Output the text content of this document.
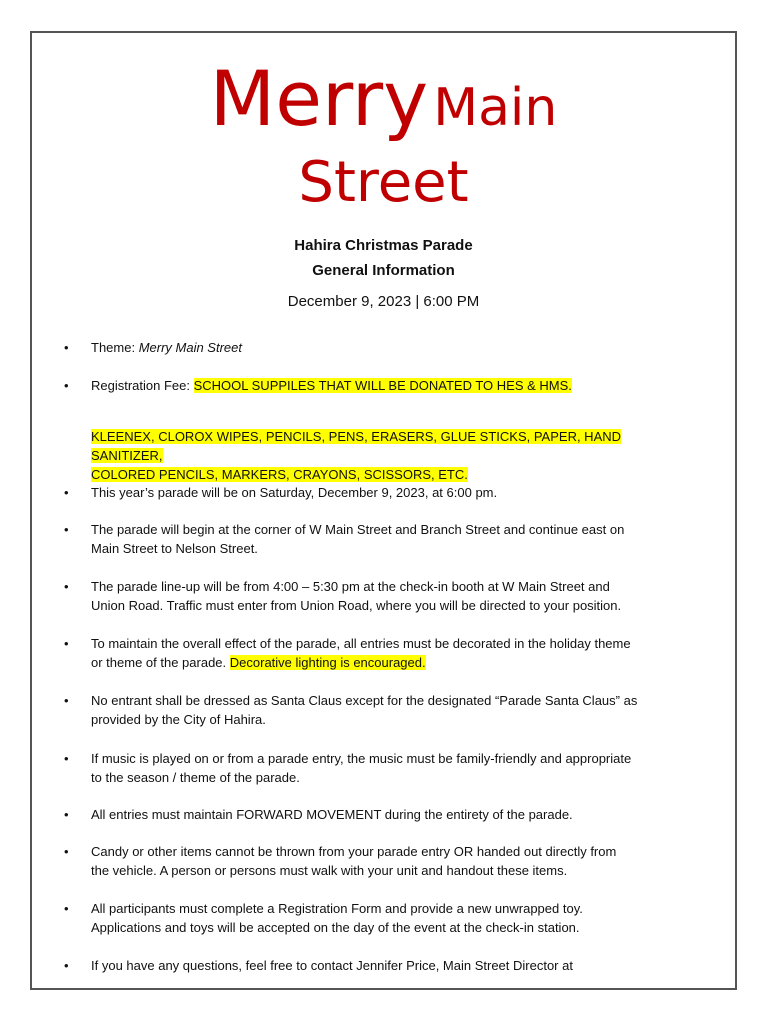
Merry Main
Street
Hahira Christmas Parade
General Information
December 9, 2023 | 6:00 PM
• Theme: Merry Main Street
• Registration Fee: SCHOOL SUPPILES THAT WILL BE DONATED TO HES & HMS.
KLEENEX, CLOROX WIPES, PENCILS, PENS, ERASERS, GLUE STICKS, PAPER, HAND SANITIZER,
COLORED PENCILS, MARKERS, CRAYONS, SCISSORS, ETC.
• This year’s parade will be on Saturday, December 9, 2023, at 6:00 pm.
• The parade will begin at the corner of W Main Street and Branch Street and continue east on
Main Street to Nelson Street.
• The parade line-up will be from 4:00 – 5:30 pm at the check-in booth at W Main Street and
Union Road. Traffic must enter from Union Road, where you will be directed to your position.
• To maintain the overall effect of the parade, all entries must be decorated in the holiday theme
or theme of the parade. Decorative lighting is encouraged.
• No entrant shall be dressed as Santa Claus except for the designated “Parade Santa Claus” as
provided by the City of Hahira.
• If music is played on or from a parade entry, the music must be family-friendly and appropriate
to the season / theme of the parade.
• All entries must maintain FORWARD MOVEMENT during the entirety of the parade.
• Candy or other items cannot be thrown from your parade entry OR handed out directly from
the vehicle. A person or persons must walk with your unit and handout these items.
• All participants must complete a Registration Form and provide a new unwrapped toy.
Applications and toys will be accepted on the day of the event at the check-in station.
• If you have any questions, feel free to contact Jennifer Price, Main Street Director at
